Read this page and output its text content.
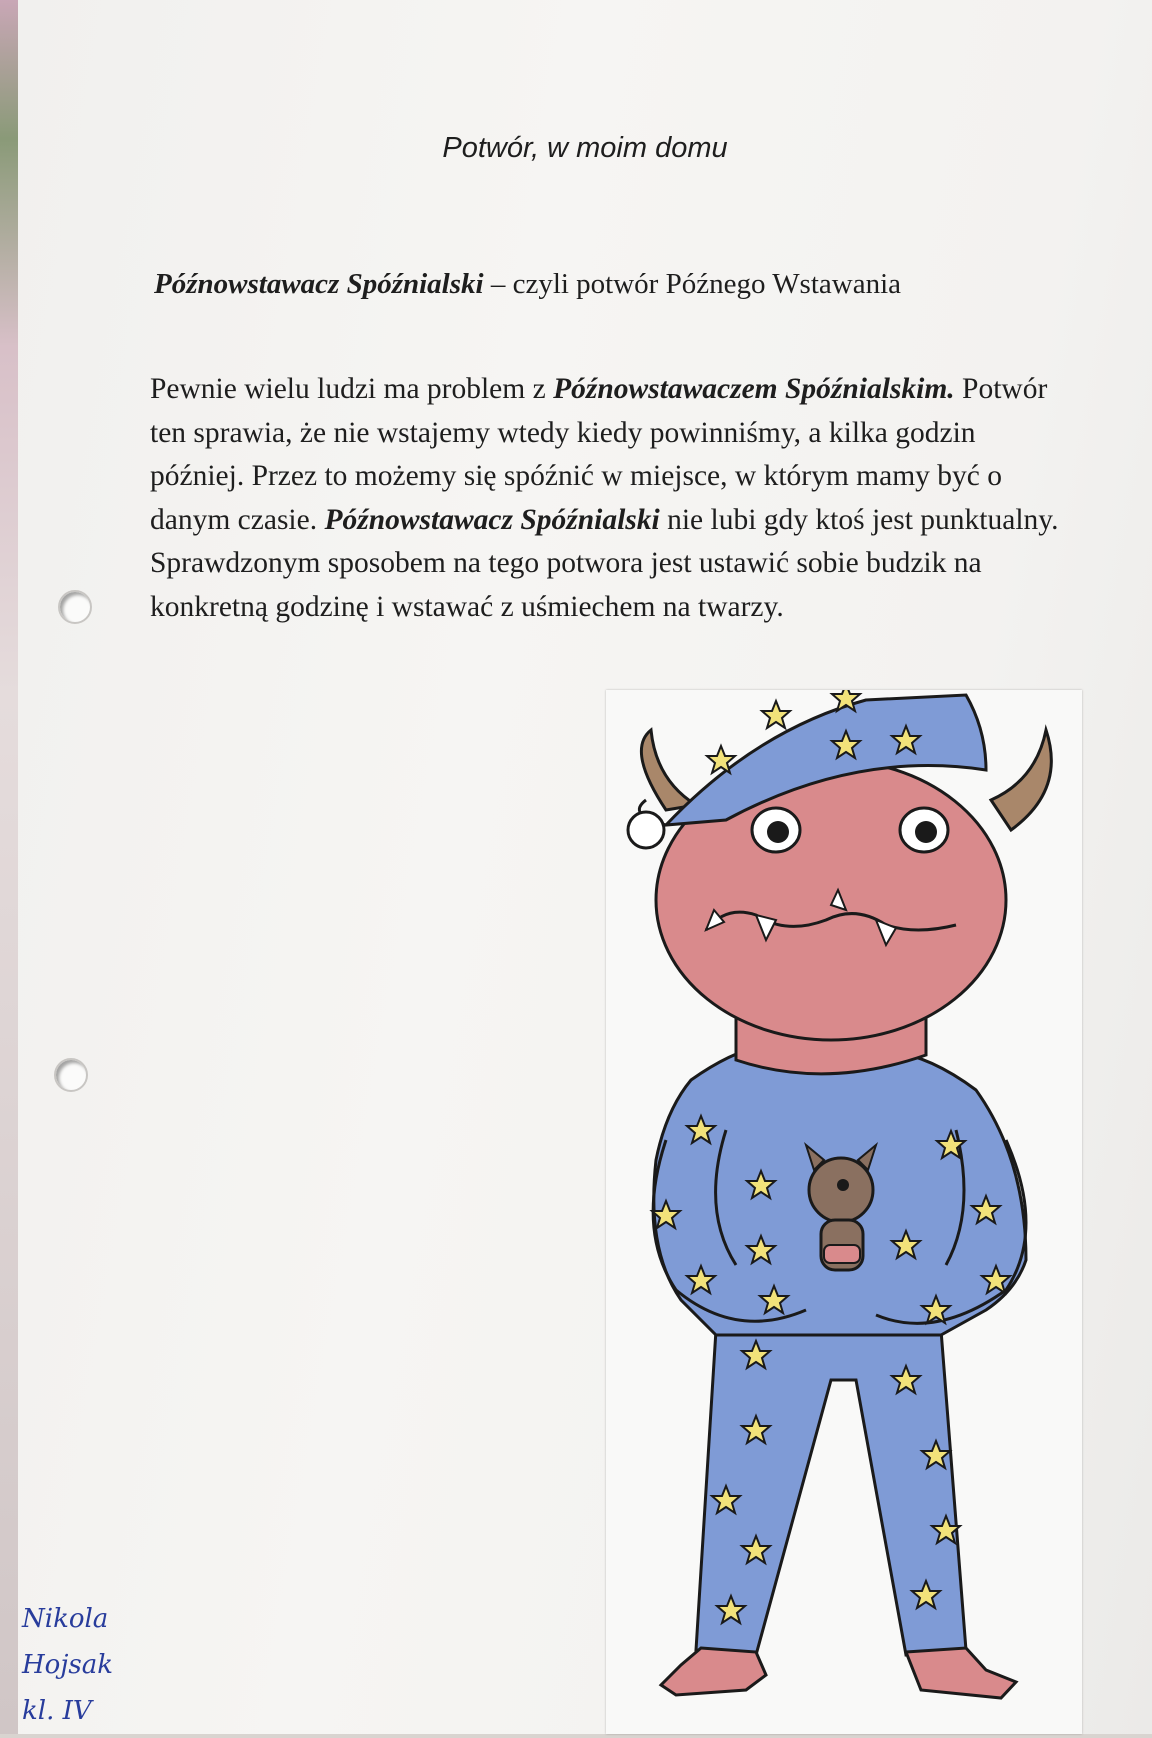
Potwór, w moim domu
Późnowstawacz Spóźnialski – czyli potwór Późnego Wstawania
Pewnie wielu ludzi ma problem z Późnowstawaczem Spóźnialskim. Potwór ten sprawia, że nie wstajemy wtedy kiedy powinniśmy, a kilka godzin później. Przez to możemy się spóźnić w miejsce, w którym mamy być o danym czasie. Późnowstawacz Spóźnialski nie lubi gdy ktoś jest punktualny. Sprawdzonym sposobem na tego potwora jest ustawić sobie budzik na konkretną godzinę i wstawać z uśmiechem na twarzy.
Nikola
Hojsak
kl. IV
